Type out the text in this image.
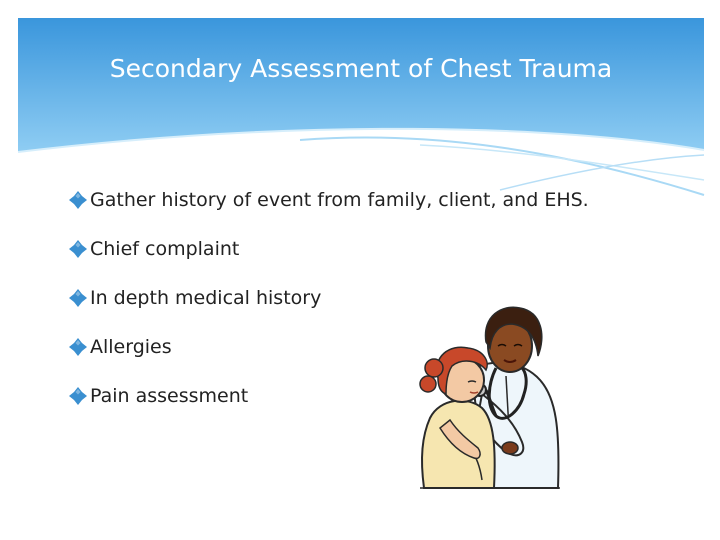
Secondary Assessment of Chest Trauma
Gather history of event from family, client, and EHS.
Chief complaint
In depth medical history
Allergies
Pain assessment
